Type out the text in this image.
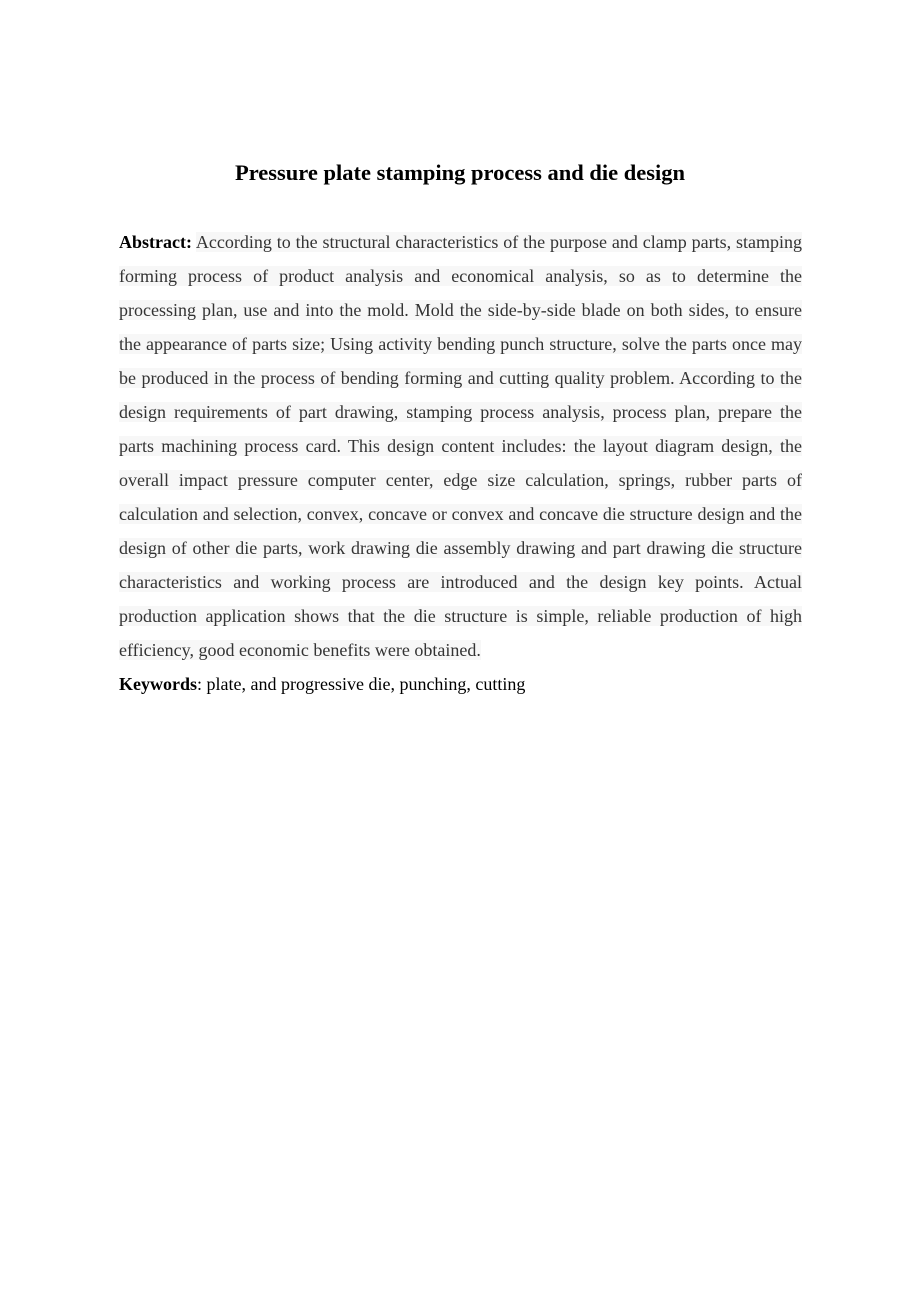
Pressure plate stamping process and die design
Abstract: According to the structural characteristics of the purpose and clamp parts, stamping forming process of product analysis and economical analysis, so as to determine the processing plan, use and into the mold. Mold the side-by-side blade on both sides, to ensure the appearance of parts size; Using activity bending punch structure, solve the parts once may be produced in the process of bending forming and cutting quality problem. According to the design requirements of part drawing, stamping process analysis, process plan, prepare the parts machining process card. This design content includes: the layout diagram design, the overall impact pressure computer center, edge size calculation, springs, rubber parts of calculation and selection, convex, concave or convex and concave die structure design and the design of other die parts, work drawing die assembly drawing and part drawing die structure characteristics and working process are introduced and the design key points. Actual production application shows that the die structure is simple, reliable production of high efficiency, good economic benefits were obtained.
Keywords: plate, and progressive die, punching, cutting
